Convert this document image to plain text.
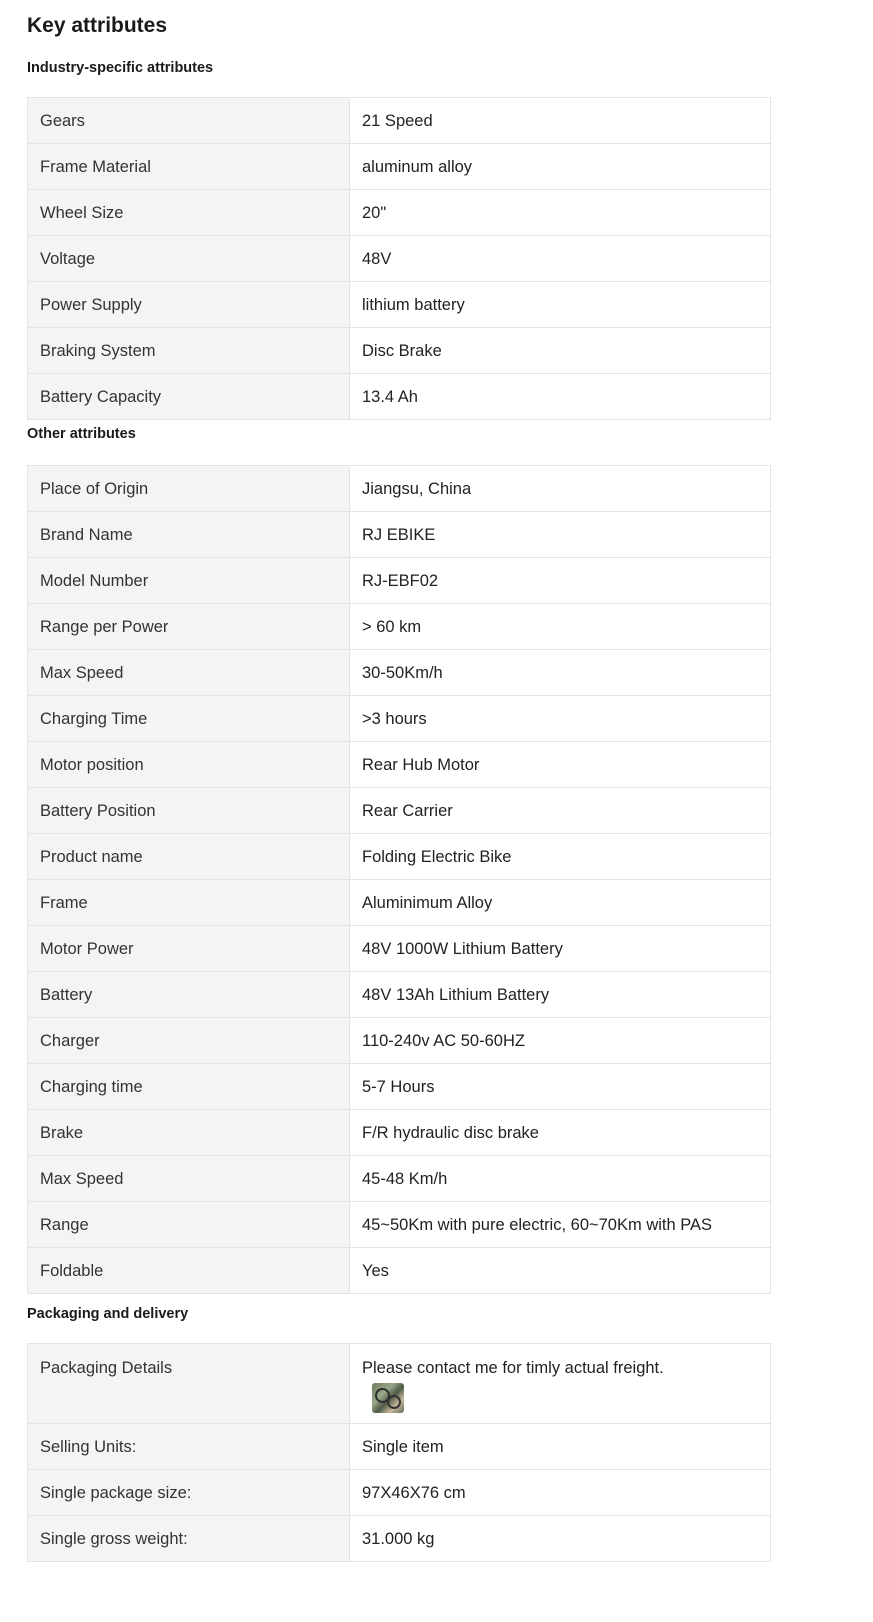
Key attributes
Industry-specific attributes
Gears	21 Speed
Frame Material	aluminum alloy
Wheel Size	20"
Voltage	48V
Power Supply	lithium battery
Braking System	Disc Brake
Battery Capacity	13.4 Ah
Other attributes
Place of Origin	Jiangsu, China
Brand Name	RJ EBIKE
Model Number	RJ-EBF02
Range per Power	> 60 km
Max Speed	30-50Km/h
Charging Time	>3 hours
Motor position	Rear Hub Motor
Battery Position	Rear Carrier
Product name	Folding Electric Bike
Frame	Aluminimum Alloy
Motor Power	48V 1000W Lithium Battery
Battery	48V 13Ah Lithium Battery
Charger	110-240v AC 50-60HZ
Charging time	5-7 Hours
Brake	F/R hydraulic disc brake
Max Speed	45-48 Km/h
Range	45~50Km with pure electric, 60~70Km with PAS
Foldable	Yes
Packaging and delivery
Packaging Details	Please contact me for timly actual freight.

Selling Units:	Single item
Single package size:	97X46X76 cm
Single gross weight:	31.000 kg
